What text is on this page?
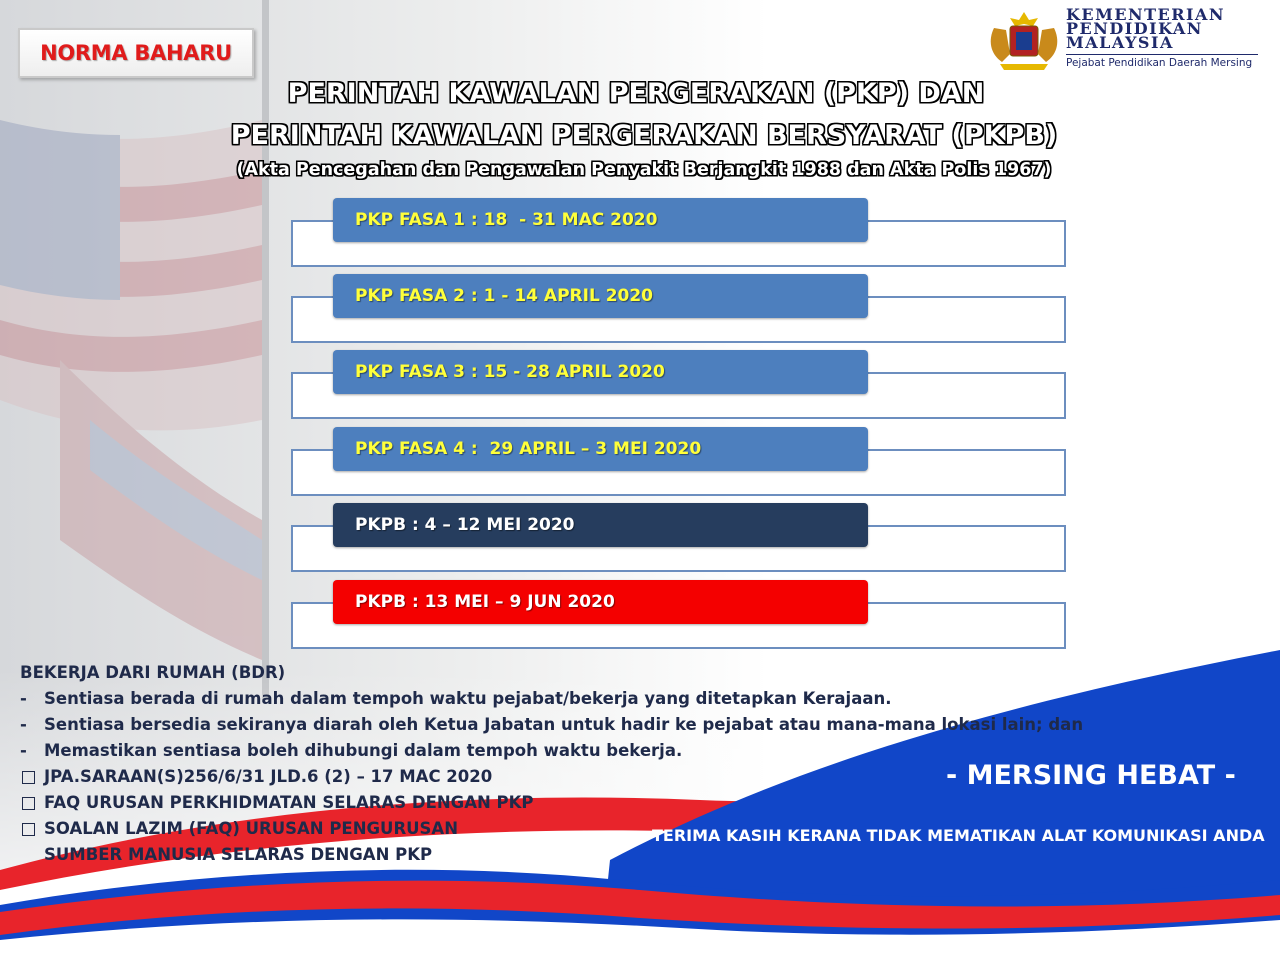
NORMA BAHARU
KEMENTERIAN
PENDIDIKAN
MALAYSIA
Pejabat Pendidikan Daerah Mersing
PERINTAH KAWALAN PERGERAKAN (PKP) DAN
PERINTAH KAWALAN PERGERAKAN BERSYARAT (PKPB)
(Akta Pencegahan dan Pengawalan Penyakit Berjangkit 1988 dan Akta Polis 1967)
PKP FASA 1 : 18  - 31 MAC 2020
PKP FASA 2 : 1 - 14 APRIL 2020
PKP FASA 3 : 15 - 28 APRIL 2020
PKP FASA 4 :  29 APRIL – 3 MEI 2020
PKPB : 4 – 12 MEI 2020
PKPB : 13 MEI – 9 JUN 2020
BEKERJA DARI RUMAH (BDR)
- Sentiasa berada di rumah dalam tempoh waktu pejabat/bekerja yang ditetapkan Kerajaan.
- Sentiasa bersedia sekiranya diarah oleh Ketua Jabatan untuk hadir ke pejabat atau mana-mana lokasi lain; dan
- Memastikan sentiasa boleh dihubungi dalam tempoh waktu bekerja.
JPA.SARAAN(S)256/6/31 JLD.6 (2) – 17 MAC 2020
FAQ URUSAN PERKHIDMATAN SELARAS DENGAN PKP
SOALAN LAZIM (FAQ) URUSAN PENGURUSAN
SUMBER MANUSIA SELARAS DENGAN PKP
- MERSING HEBAT -
TERIMA KASIH KERANA TIDAK MEMATIKAN ALAT KOMUNIKASI ANDA
